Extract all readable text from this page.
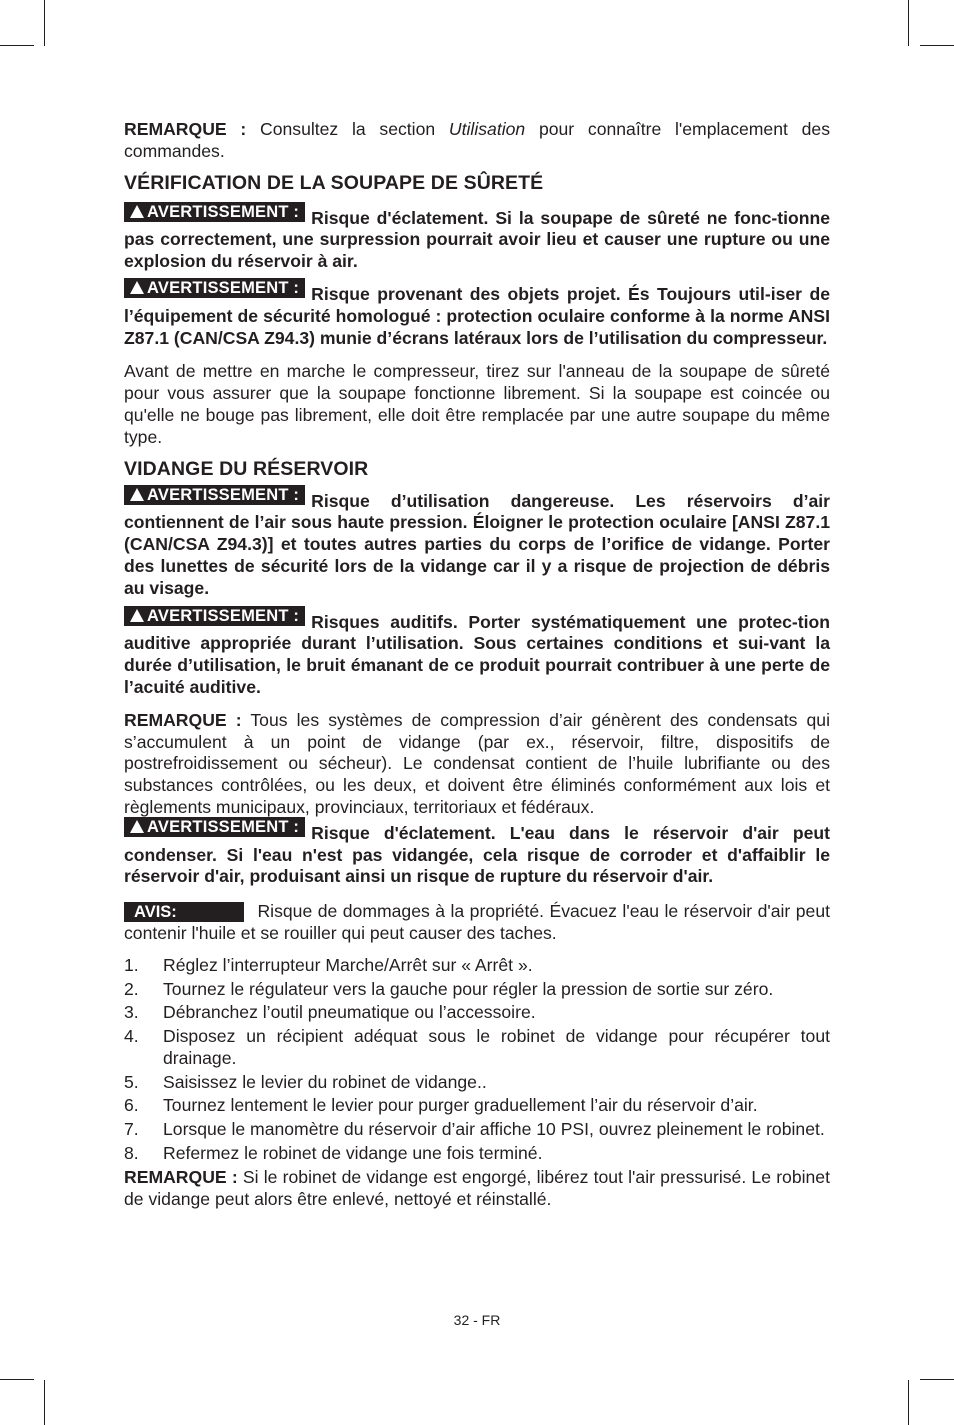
REMARQUE : Consultez la section Utilisation pour connaître l'emplacement des commandes.

VÉRIFICATION DE LA SOUPAPE DE SÛRETÉ

AVERTISSEMENT : Risque d'éclatement. Si la soupape de sûreté ne fonc-tionne pas correctement, une surpression pourrait avoir lieu et causer une rupture ou une explosion du réservoir à air.

AVERTISSEMENT : Risque provenant des objets projet. És Toujours util-iser de l’équipement de sécurité homologué : protection oculaire conforme à la norme ANSI Z87.1 (CAN/CSA Z94.3) munie d’écrans latéraux lors de l’utilisation du compresseur.

Avant de mettre en marche le compresseur, tirez sur l'anneau de la soupape de sûreté pour vous assurer que la soupape fonctionne librement. Si la soupape est coincée ou qu'elle ne bouge pas librement, elle doit être remplacée par une autre soupape du même type.

VIDANGE DU RÉSERVOIR

AVERTISSEMENT : Risque d’utilisation dangereuse. Les réservoirs d’air contiennent de l’air sous haute pression. Éloigner le protection oculaire [ANSI Z87.1 (CAN/CSA Z94.3)] et toutes autres parties du corps de l’orifice de vidange. Porter des lunettes de sécurité lors de la vidange car il y a risque de projection de débris au visage.

AVERTISSEMENT : Risques auditifs. Porter systématiquement une protec-tion auditive appropriée durant l’utilisation. Sous certaines conditions et sui-vant la durée d’utilisation, le bruit émanant de ce produit pourrait contribuer à une perte de l’acuité auditive.

REMARQUE : Tous les systèmes de compression d’air génèrent des condensats qui s’accumulent à un point de vidange (par ex., réservoir, filtre, dispositifs de postrefroidissement ou sécheur). Le condensat contient de l’huile lubrifiante ou des substances contrôlées, ou les deux, et doivent être éliminés conformément aux lois et règlements municipaux, provinciaux, territoriaux et fédéraux.

AVERTISSEMENT : Risque d'éclatement. L'eau dans le réservoir d'air peut condenser. Si l'eau n'est pas vidangée, cela risque de corroder et d'affaiblir le réservoir d'air, produisant ainsi un risque de rupture du réservoir d'air.

AVIS:	Risque de dommages à la propriété. Évacuez l'eau le réservoir d'air peut contenir l'huile et se rouiller qui peut causer des taches.

1. Réglez l’interrupteur Marche/Arrêt sur « Arrêt ».
2. Tournez le régulateur vers la gauche pour régler la pression de sortie sur zéro.
3. Débranchez l’outil pneumatique ou l’accessoire.
4. Disposez un récipient adéquat sous le robinet de vidange pour récupérer tout drainage.
5. Saisissez le levier du robinet de vidange..
6. Tournez lentement le levier pour purger graduellement l’air du réservoir d’air.
7. Lorsque le manomètre du réservoir d’air affiche 10 PSI, ouvrez pleinement le robinet.
8. Refermez le robinet de vidange une fois terminé.

REMARQUE : Si le robinet de vidange est engorgé, libérez tout l'air pressurisé. Le robinet de vidange peut alors être enlevé, nettoyé et réinstallé.

32 - FR
